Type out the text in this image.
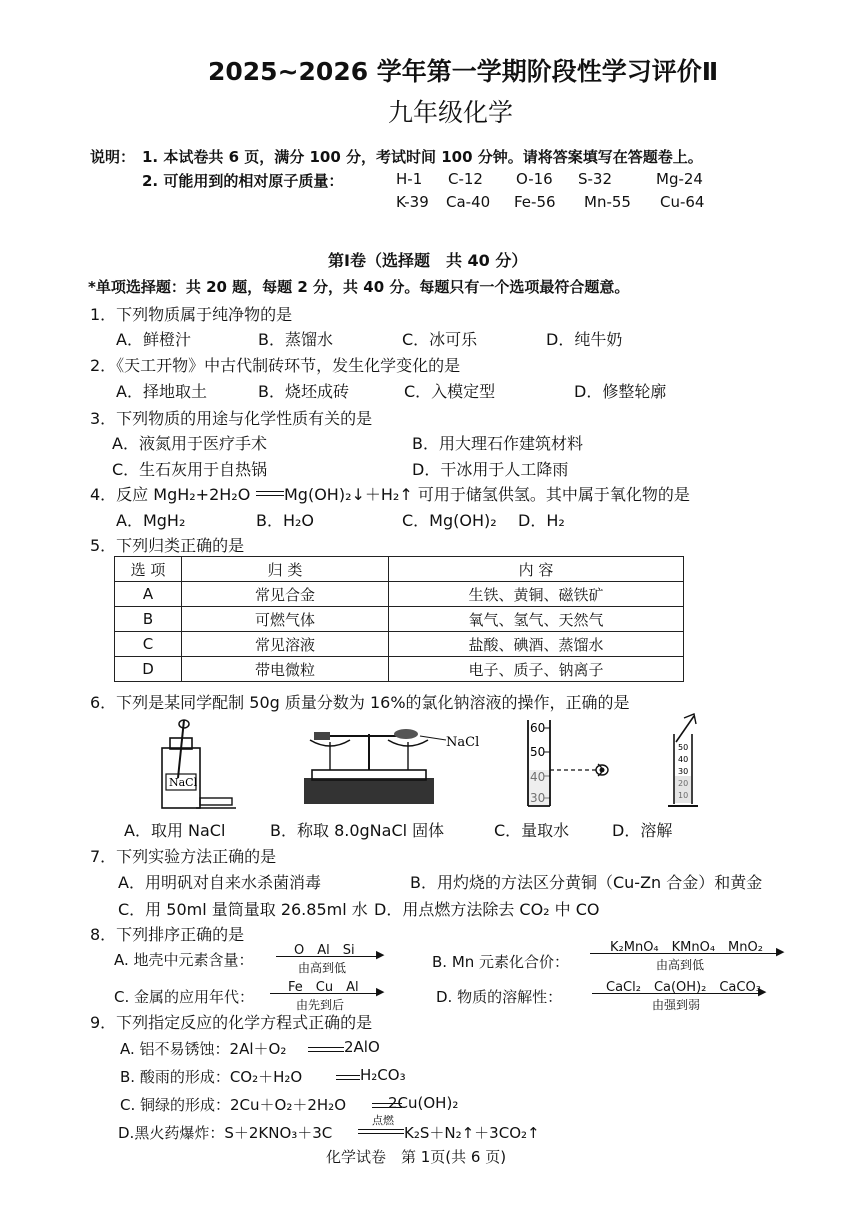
2025~2026 学年第一学期阶段性学习评价Ⅱ
九年级化学
说明： 1. 本试卷共 6 页，满分 100 分，考试时间 100 分钟。请将答案填写在答题卷上。
2. 可能用到的相对原子质量：	H-1 C-12 O-16 S-32	Mg-24
K-39 Ca-40 Fe-56 Mn-55 Cu-64
第Ⅰ卷（选择题　共 40 分）
*单项选择题：共 20 题，每题 2 分，共 40 分。每题只有一个选项最符合题意。
1．下列物质属于纯净物的是
A．鲜橙汁	B．蒸馏水	C．冰可乐	D．纯牛奶
2．《天工开物》中古代制砖环节，发生化学变化的是
A．择地取土	B．烧坯成砖	C．入模定型	D．修整轮廓
3．下列物质的用途与化学性质有关的是
A．液氮用于医疗手术	B．用大理石作建筑材料
C．生石灰用于自热锅	D．干冰用于人工降雨
4．反应 MgH₂+2H₂O Mg(OH)₂↓＋H₂↑ 可用于储氢供氢。其中属于氧化物的是
A．MgH₂	B．H₂O	C．Mg(OH)₂ D．H₂
5．下列归类正确的是
选 项	归 类	内 容
A	常见合金	生铁、黄铜、磁铁矿
B	可燃气体	氧气、氢气、天然气
C	常见溶液	盐酸、碘酒、蒸馏水
D	带电微粒	电子、质子、钠离子
6．下列是某同学配制 50g 质量分数为 16%的氯化钠溶液的操作，正确的是
NaCl
NaCl
60
50	50
40
30
A．取用 NaCl	B．称取 8.0gNaCl 固体	C．量取水	D．溶解
7．下列实验方法正确的是
A．用明矾对自来水杀菌消毒	B．用灼烧的方法区分黄铜（Cu-Zn 合金）和黄金
C．用 50ml 量筒量取 26.85ml 水 D．用点燃方法除去 CO₂ 中 CO
8．下列排序正确的是
A. 地壳中元素含量：
O　Al　Si ▶
由高到低	B. Mn 元素化合价：
K₂MnO₄　KMnO₄　MnO₂ ▶
由高到低
C. 金属的应用年代：
Fe　Cu　Al ▶
由先到后	D. 物质的溶解性：
CaCl₂　Ca(OH)₂　CaCO₃
▶
由强到弱
9．下列指定反应的化学方程式正确的是
A. 铝不易锈蚀：2Al＋O₂	2AlO
B. 酸雨的形成：CO₂＋H₂O	H₂CO₃
C. 铜绿的形成：2Cu＋O₂＋2H₂O	2Cu(OH)₂
D.黑火药爆炸：S＋2KNO₃＋3C
点燃
K₂S＋N₂↑＋3CO₂↑
化学试卷　第 1页(共 6 页)
